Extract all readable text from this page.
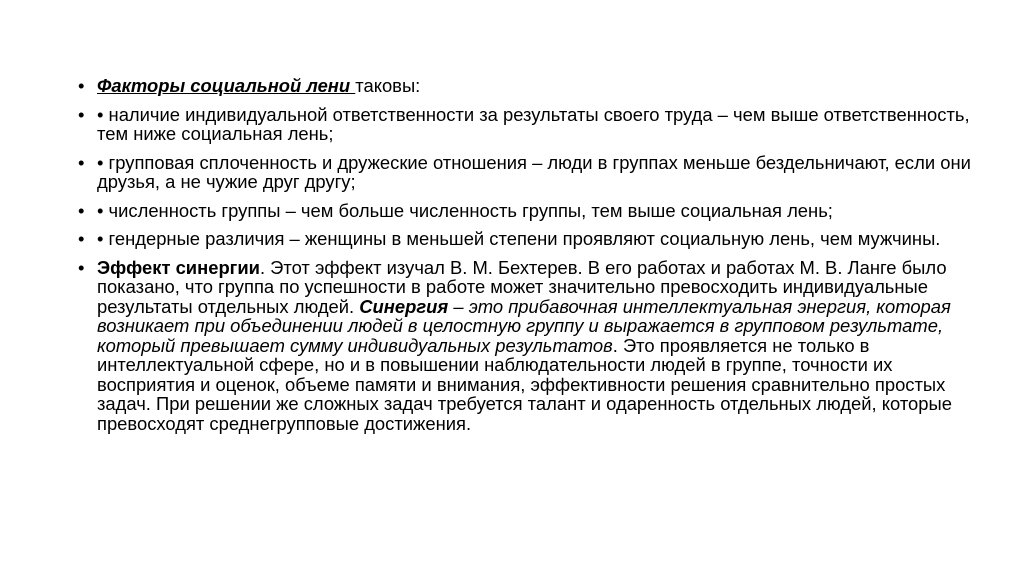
• Факторы социальной лени таковы:
• • наличие индивидуальной ответственности за результаты своего труда – чем выше ответственность, тем ниже социальная лень;
• • групповая сплоченность и дружеские отношения – люди в группах меньше бездельничают, если они друзья, а не чужие друг другу;
• • численность группы – чем больше численность группы, тем выше социальная лень;
• • гендерные различия – женщины в меньшей степени проявляют социальную лень, чем мужчины.
• Эффект синергии. Этот эффект изучал В. М. Бехтерев. В его работах и работах М. В. Ланге было показано, что группа по успешности в работе может значительно превосходить индивидуальные результаты отдельных людей. Синергия – это прибавочная интеллектуальная энергия, которая возникает при объединении людей в целостную группу и выражается в групповом результате, который превышает сумму индивидуальных результатов. Это проявляется не только в интеллектуальной сфере, но и в повышении наблюдательности людей в группе, точности их восприятия и оценок, объеме памяти и внимания, эффективности решения сравнительно простых задач. При решении же сложных задач требуется талант и одаренность отдельных людей, которые превосходят среднегрупповые достижения.
